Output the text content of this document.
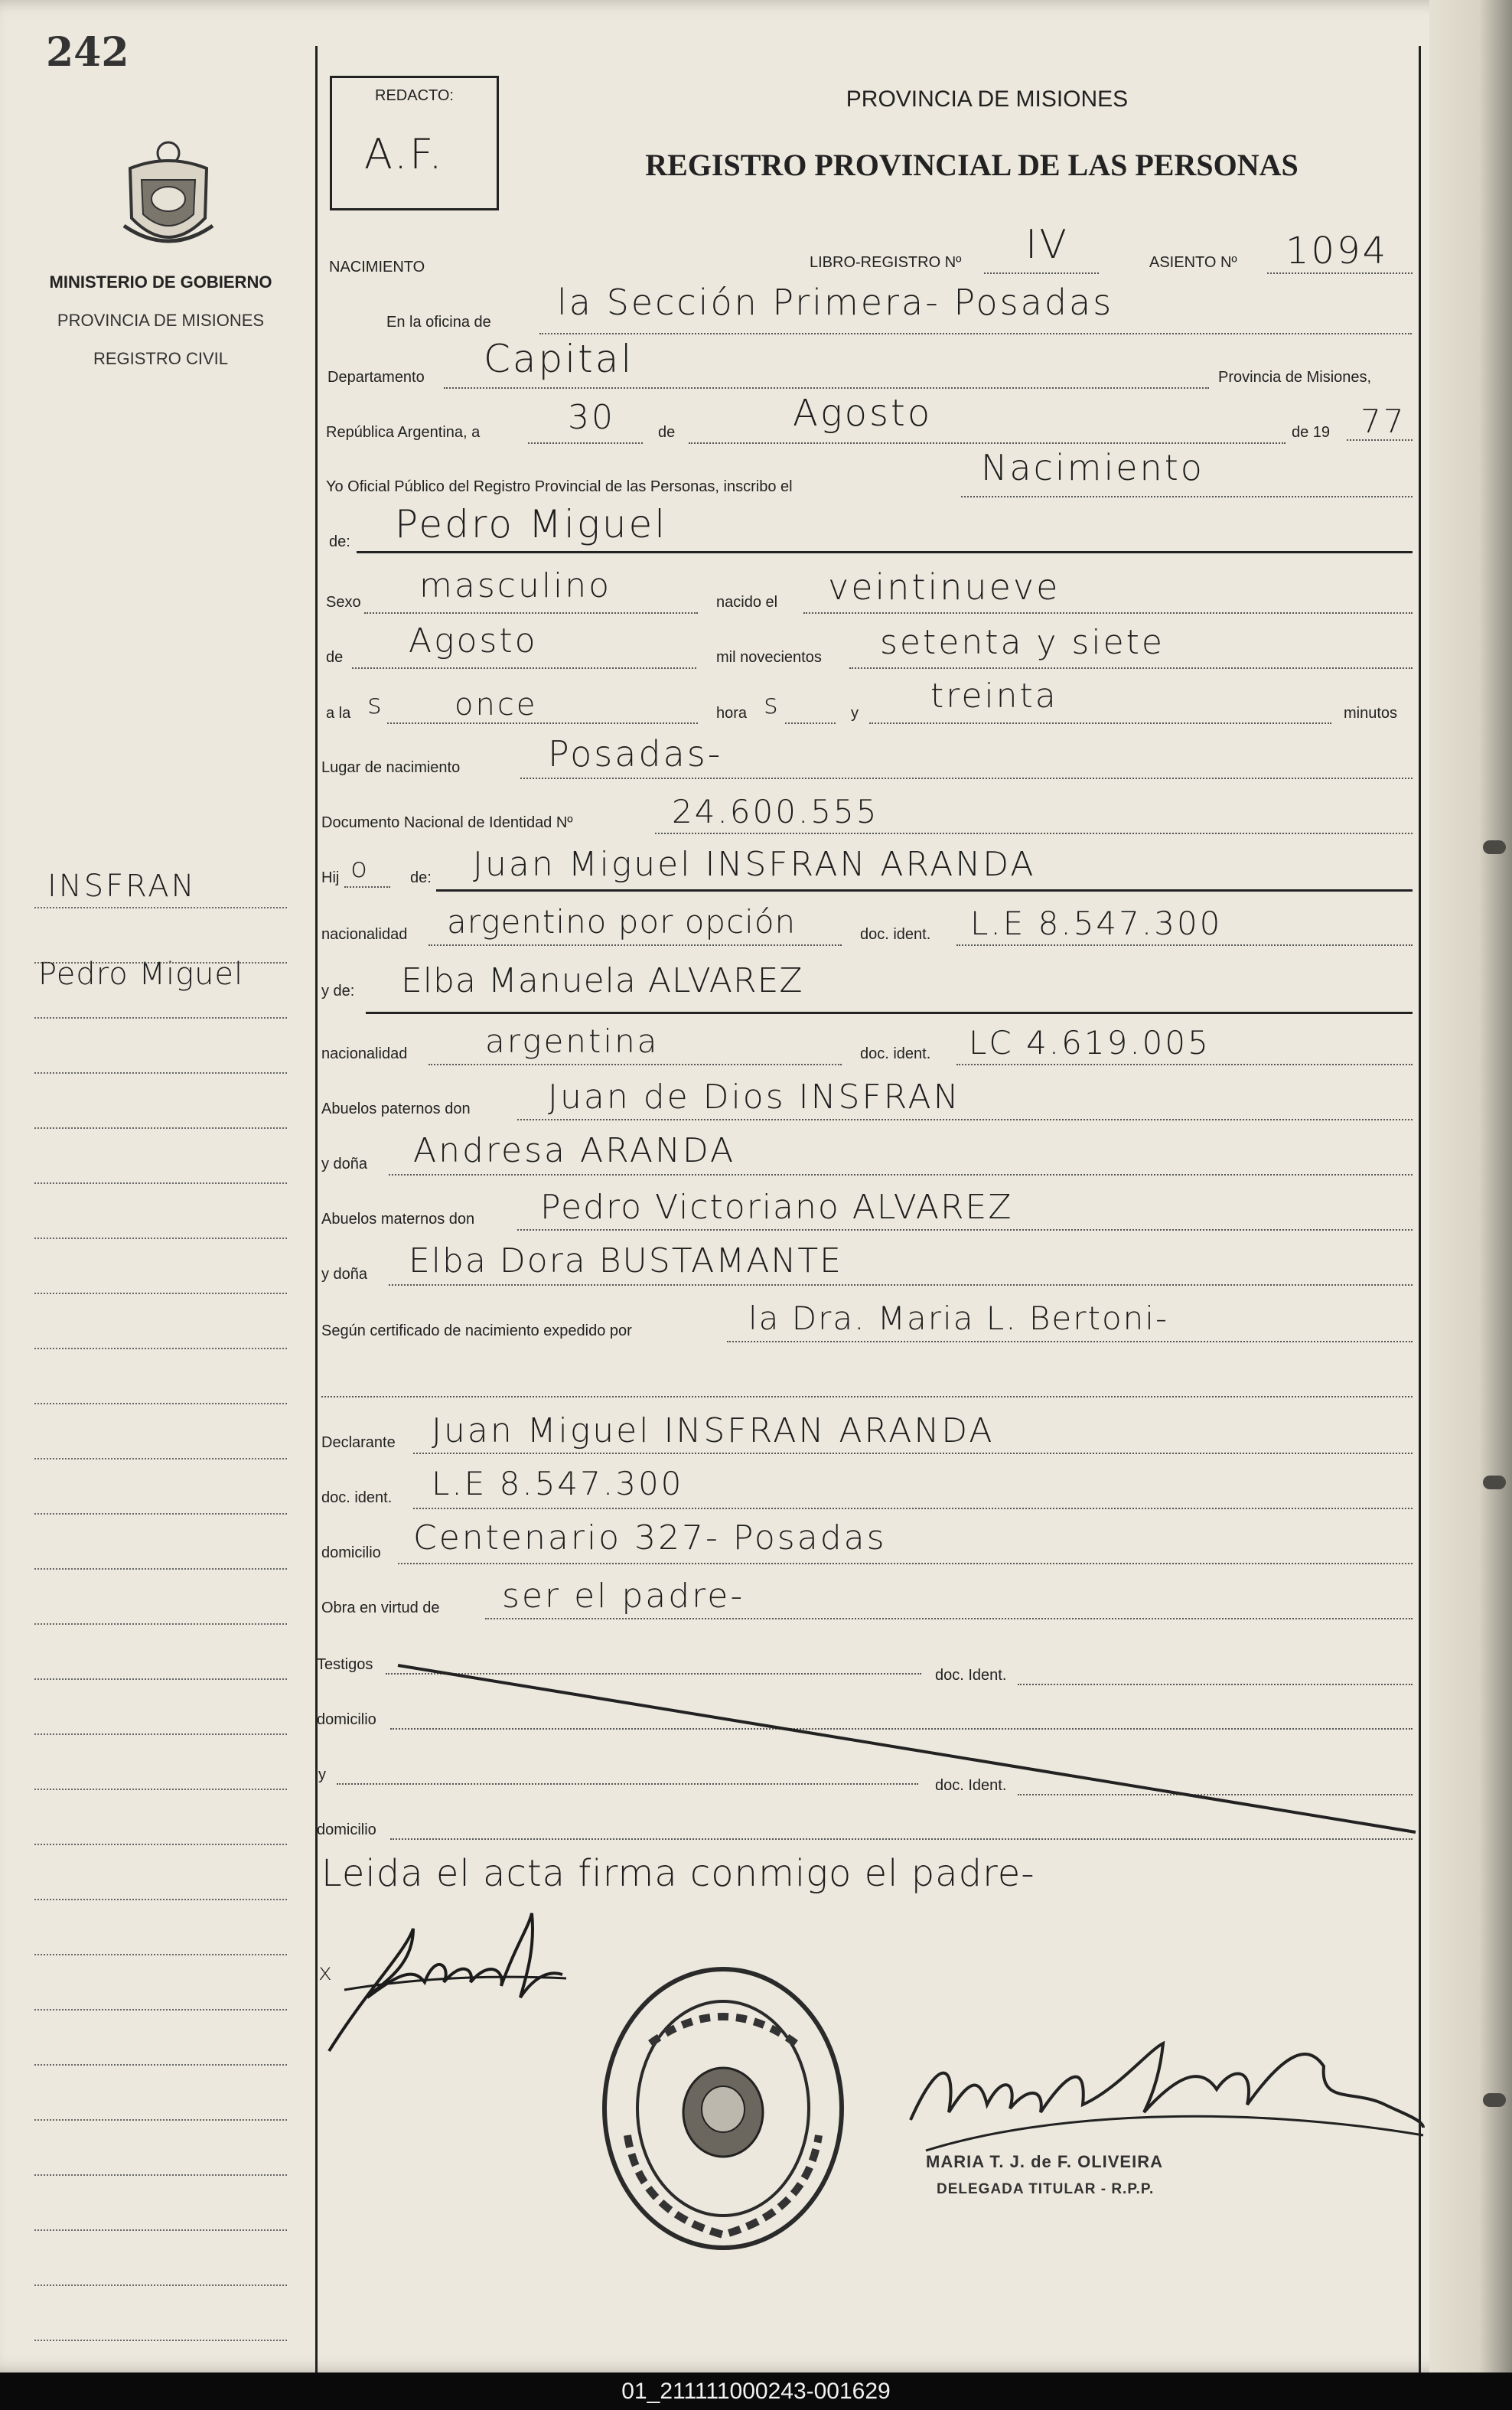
242
MINISTERIO DE GOBIERNO
PROVINCIA DE MISIONES
REGISTRO CIVIL
INSFRAN
Pedro Miguel
REDACTO:
A.F.
PROVINCIA DE MISIONES
REGISTRO PROVINCIAL DE LAS PERSONAS
NACIMIENTO	LIBRO-REGISTRO Nº IV	ASIENTO Nº 1094
En la oficina de la Sección Primera- Posadas
Departamento Capital	Provincia de Misiones,
República Argentina, a	30	de	Agosto	de 19 77
Yo Oficial Público del Registro Provincial de las Personas, inscribo el	Nacimiento
de: Pedro Miguel
Sexo masculino	nacido el veintinueve
de Agosto	mil novecientos setenta y siete
a la s once	hora s	y treinta	minutos
Lugar de nacimiento Posadas-
Documento Nacional de Identidad Nº	24.600.555
Hij o	de: Juan Miguel INSFRAN ARANDA
nacionalidad argentino por opción	doc. ident. L.E 8.547.300
y de: Elba Manuela ALVAREZ
nacionalidad argentina	doc. ident. LC 4.619.005
Abuelos paternos don Juan de Dios INSFRAN
y doña Andresa ARANDA
Abuelos maternos don Pedro Victoriano ALVAREZ
y doña Elba Dora BUSTAMANTE
Según certificado de nacimiento expedido por	la Dra. Maria L. Bertoni-
Declarante Juan Miguel INSFRAN ARANDA
doc. ident. L.E 8.547.300
domicilio Centenario 327- Posadas
Obra en virtud de ser el padre-
Testigos
doc. Ident.
domicilio
y
doc. Ident.
domicilio
Leida el acta firma conmigo el padre-
x
MARIA T. J. de F. OLIVEIRA
DELEGADA TITULAR - R.P.P.
01_211111000243-001629
